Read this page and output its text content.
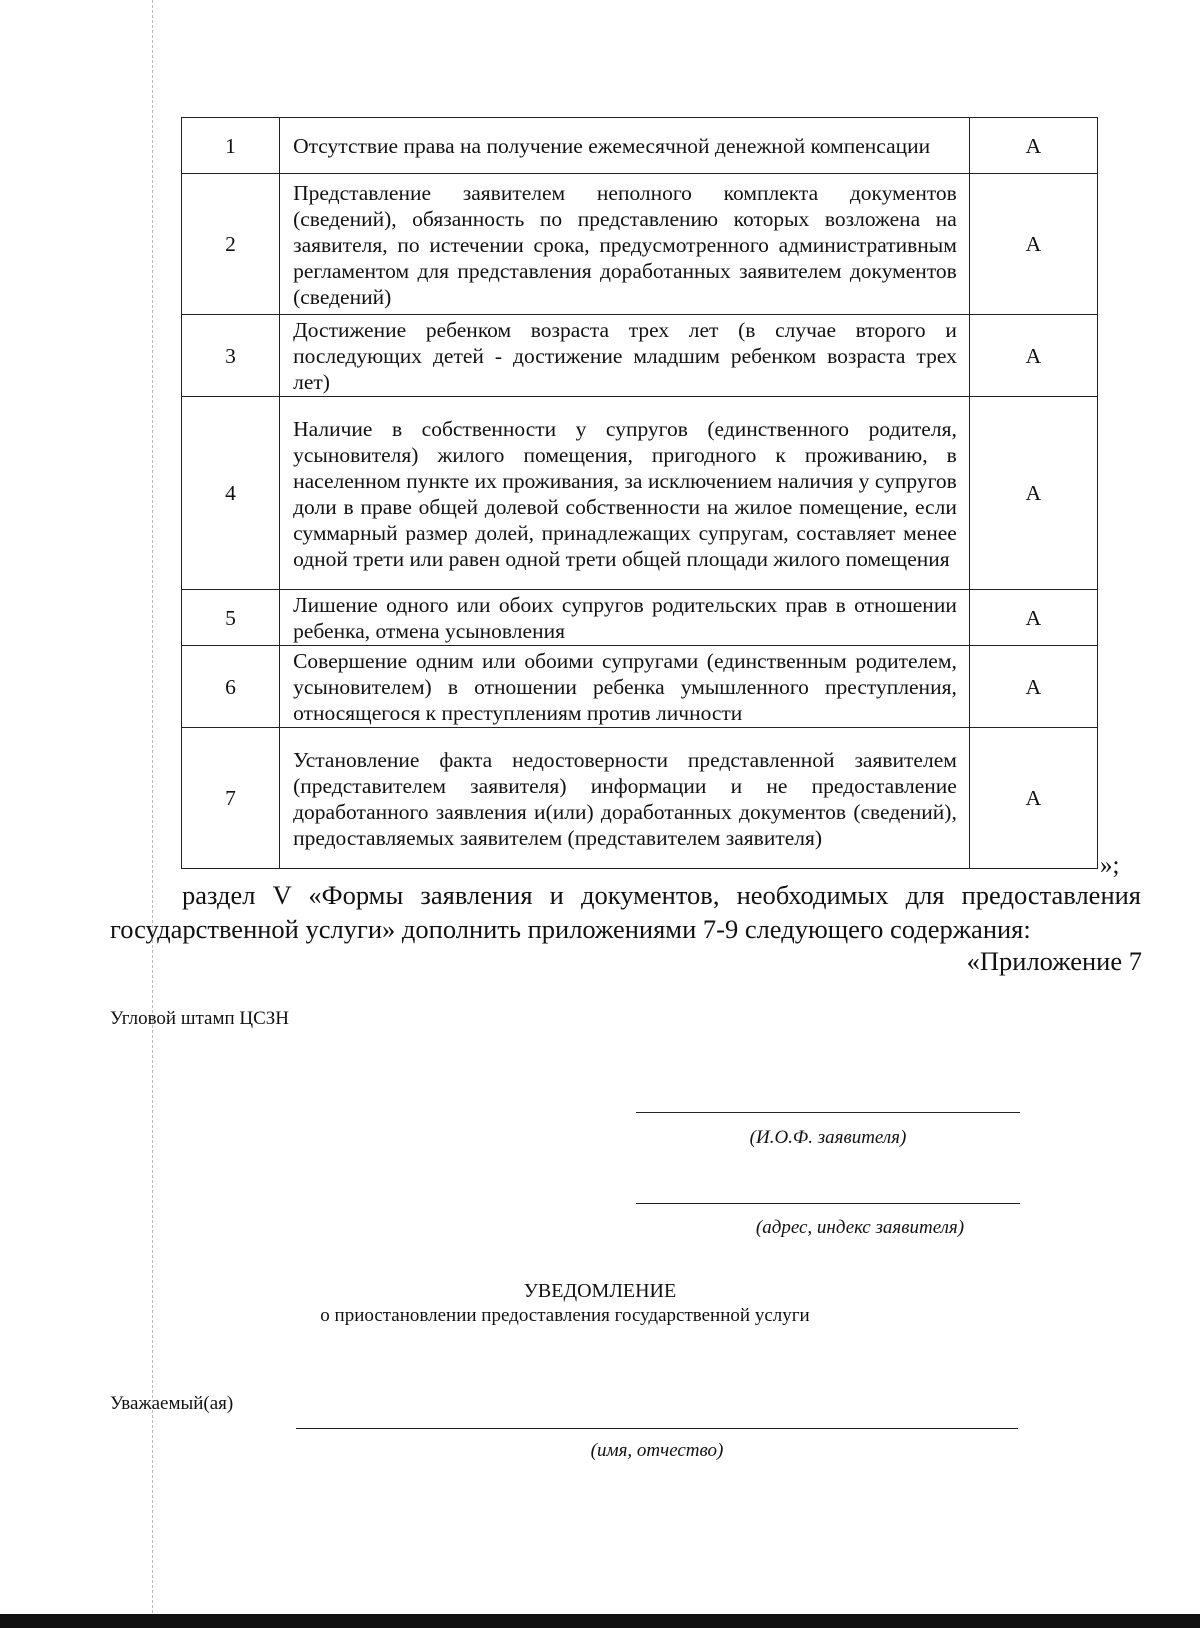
1	Отсутствие права на получение ежемесячной денежной компенсации	А
2	Представление заявителем неполного комплекта документов (сведений), обязанность по представлению которых возложена на заявителя, по истечении срока, предусмотренного административным регламентом для представления доработанных заявителем документов (сведений)	А
3	Достижение ребенком возраста трех лет (в случае второго и последующих детей - достижение младшим ребенком возраста трех лет)	А
4	Наличие в собственности у супругов (единственного родителя, усыновителя) жилого помещения, пригодного к проживанию, в населенном пункте их проживания, за исключением наличия у супругов доли в праве общей долевой собственности на жилое помещение, если суммарный размер долей, принадлежащих супругам, составляет менее одной трети или равен одной трети общей площади жилого помещения	А
5	Лишение одного или обоих супругов родительских прав в отношении ребенка, отмена усыновления	А
6	Совершение одним или обоими супругами (единственным родителем, усыновителем) в отношении ребенка умышленного преступления, относящегося к преступлениям против личности	А
7	Установление факта недостоверности представленной заявителем (представителем заявителя) информации и не предоставление доработанного заявления и(или) доработанных документов (сведений), предоставляемых заявителем (представителем заявителя)	А
»;

раздел V «Формы заявления и документов, необходимых для предоставления государственной услуги» дополнить приложениями 7-9 следующего содержания:

«Приложение 7
Угловой штамп ЦСЗН
(И.О.Ф. заявителя)
(адрес, индекс заявителя)
УВЕДОМЛЕНИЕ
о приостановлении предоставления государственной услуги
Уважаемый(ая)
(имя, отчество)
